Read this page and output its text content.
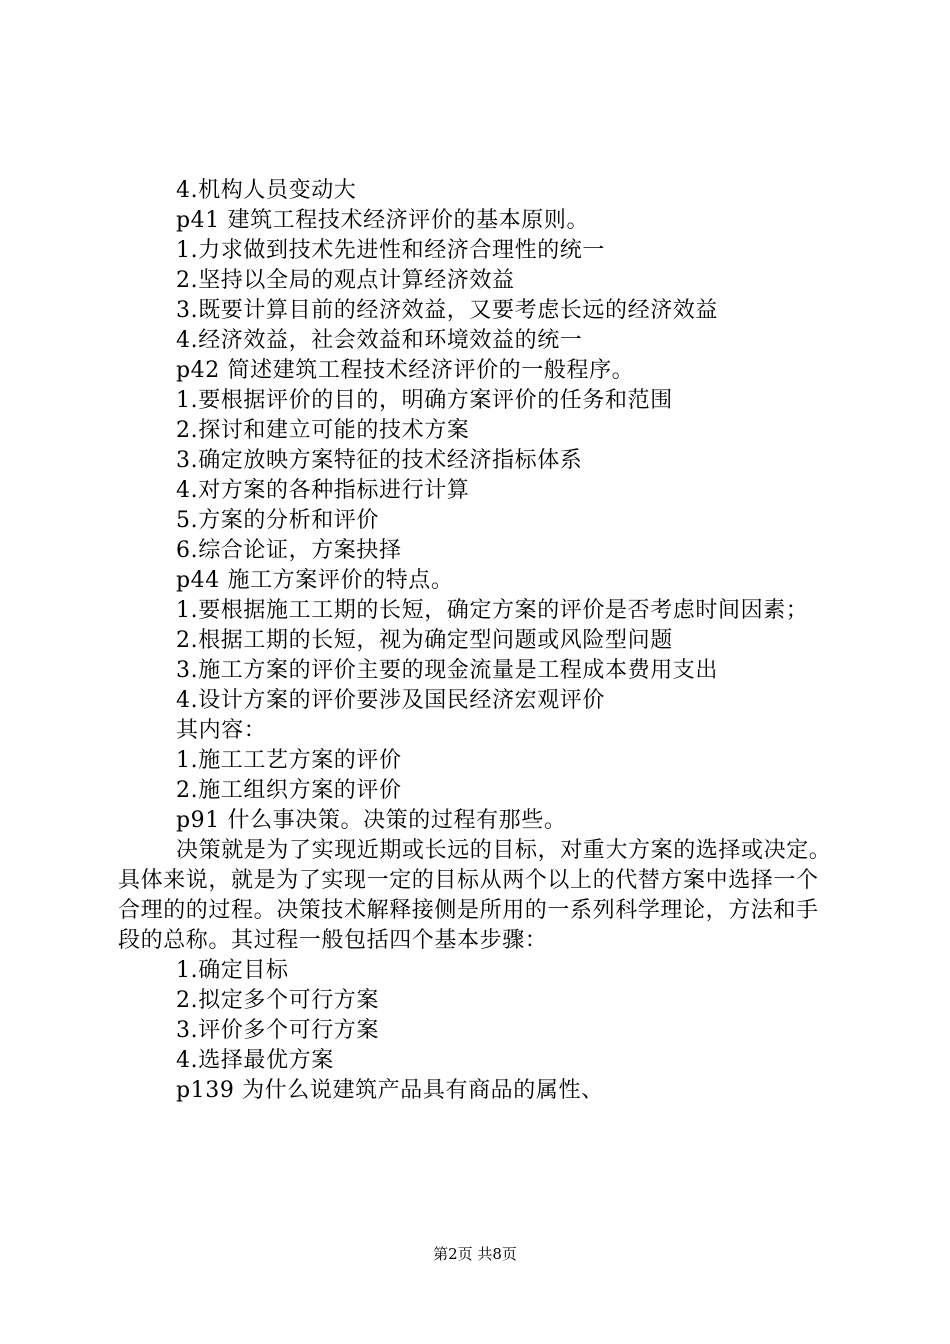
4.机构人员变动大
p41 建筑工程技术经济评价的基本原则。
1.力求做到技术先进性和经济合理性的统一
2.坚持以全局的观点计算经济效益
3.既要计算目前的经济效益，又要考虑长远的经济效益
4.经济效益，社会效益和环境效益的统一
p42 简述建筑工程技术经济评价的一般程序。
1.要根据评价的目的，明确方案评价的任务和范围
2.探讨和建立可能的技术方案
3.确定放映方案特征的技术经济指标体系
4.对方案的各种指标进行计算
5.方案的分析和评价
6.综合论证，方案抉择
p44 施工方案评价的特点。
1.要根据施工工期的长短，确定方案的评价是否考虑时间因素；
2.根据工期的长短，视为确定型问题或风险型问题
3.施工方案的评价主要的现金流量是工程成本费用支出
4.设计方案的评价要涉及国民经济宏观评价
其内容：
1.施工工艺方案的评价
2.施工组织方案的评价
p91 什么事决策。决策的过程有那些。
决策就是为了实现近期或长远的目标，对重大方案的选择或决定。具体来说，就是为了实现一定的目标从两个以上的代替方案中选择一个合理的的过程。决策技术解释接侧是所用的一系列科学理论，方法和手段的总称。其过程一般包括四个基本步骤：
1.确定目标
2.拟定多个可行方案
3.评价多个可行方案
4.选择最优方案
p139 为什么说建筑产品具有商品的属性、
第2页 共8页
